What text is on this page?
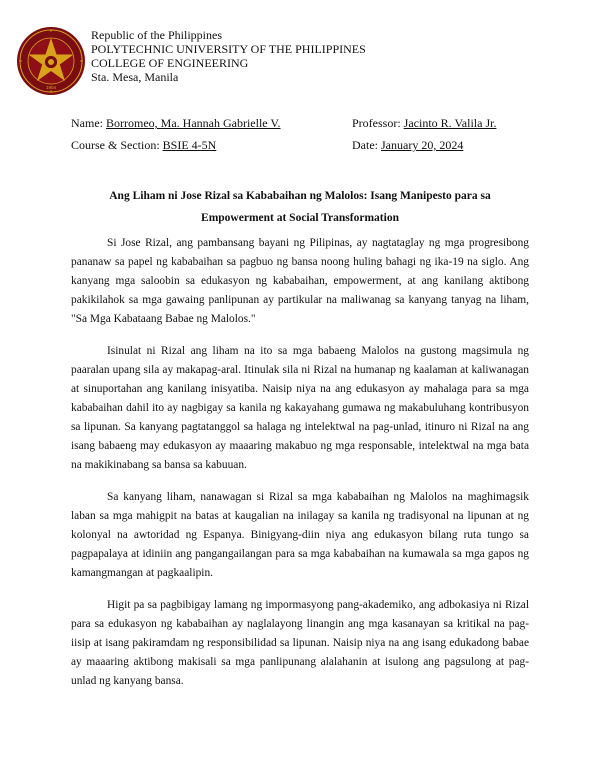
1904
Republic of the Philippines
POLYTECHNIC UNIVERSITY OF THE PHILIPPINES
COLLEGE OF ENGINEERING
Sta. Mesa, Manila
Name: Borromeo, Ma. Hannah Gabrielle V.	Professor: Jacinto R. Valila Jr.
Course & Section: BSIE 4-5N	Date: January 20, 2024
Ang Liham ni Jose Rizal sa Kababaihan ng Malolos: Isang Manipesto para sa
Empowerment at Social Transformation

Si Jose Rizal, ang pambansang bayani ng Pilipinas, ay nagtataglay ng mga progresibong pananaw sa papel ng kababaihan sa pagbuo ng bansa noong huling bahagi ng ika-19 na siglo. Ang kanyang mga saloobin sa edukasyon ng kababaihan, empowerment, at ang kanilang aktibong pakikilahok sa mga gawaing panlipunan ay partikular na maliwanag sa kanyang tanyag na liham, "Sa Mga Kabataang Babae ng Malolos."

Isinulat ni Rizal ang liham na ito sa mga babaeng Malolos na gustong magsimula ng paaralan upang sila ay makapag-aral. Itinulak sila ni Rizal na humanap ng kaalaman at kaliwanagan at sinuportahan ang kanilang inisyatiba. Naisip niya na ang edukasyon ay mahalaga para sa mga kababaihan dahil ito ay nagbigay sa kanila ng kakayahang gumawa ng makabuluhang kontribusyon sa lipunan. Sa kanyang pagtatanggol sa halaga ng intelektwal na pag-unlad, itinuro ni Rizal na ang isang babaeng may edukasyon ay maaaring makabuo ng mga responsable, intelektwal na mga bata na makikinabang sa bansa sa kabuuan.

Sa kanyang liham, nanawagan si Rizal sa mga kababaihan ng Malolos na maghimagsik laban sa mga mahigpit na batas at kaugalian na inilagay sa kanila ng tradisyonal na lipunan at ng kolonyal na awtoridad ng Espanya. Binigyang-diin niya ang edukasyon bilang ruta tungo sa pagpapalaya at idiniin ang pangangailangan para sa mga kababaihan na kumawala sa mga gapos ng kamangmangan at pagkaalipin.

Higit pa sa pagbibigay lamang ng impormasyong pang-akademiko, ang adbokasiya ni Rizal para sa edukasyon ng kababaihan ay naglalayong linangin ang mga kasanayan sa kritikal na pag-iisip at isang pakiramdam ng responsibilidad sa lipunan. Naisip niya na ang isang edukadong babae ay maaaring aktibong makisali sa mga panlipunang alalahanin at isulong ang pagsulong at pag-unlad ng kanyang bansa.
